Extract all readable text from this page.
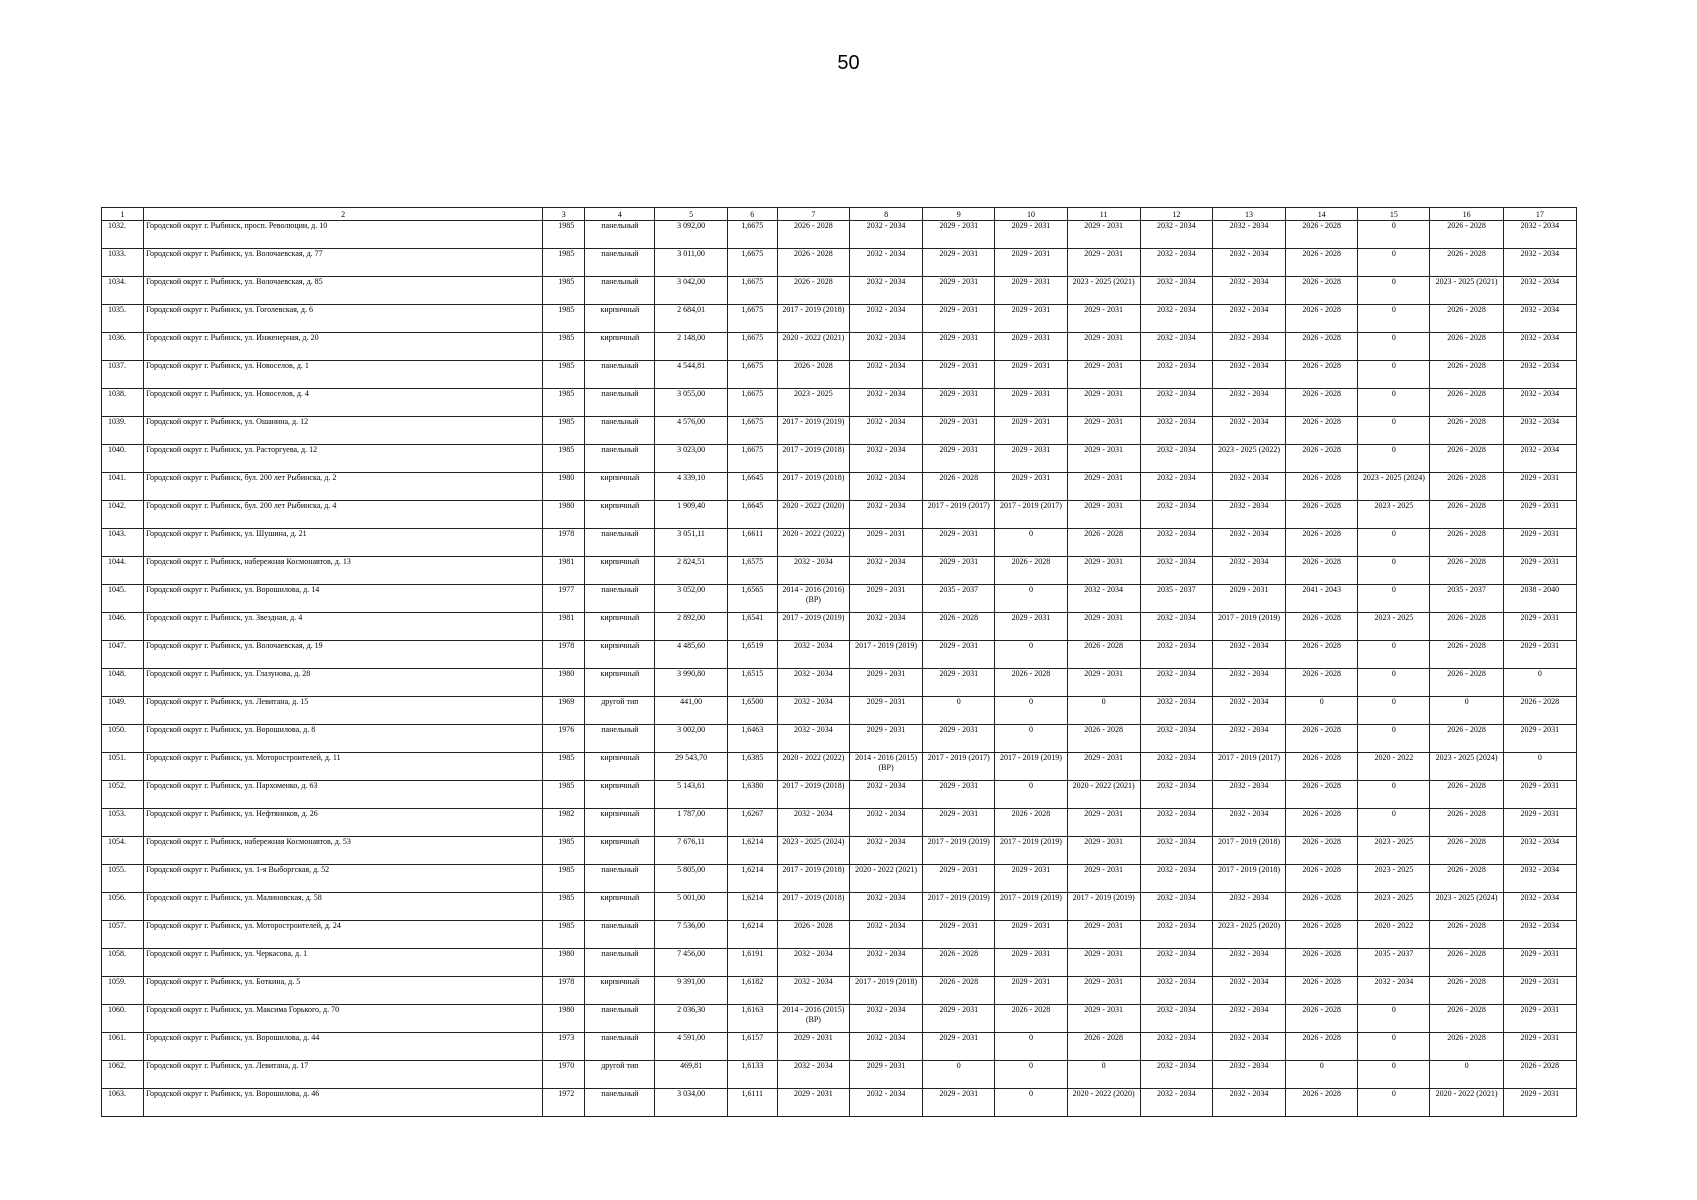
50
1	2	3	4	5	6	7	8	9	10	11	12	13	14	15	16	17
1032.	Городской округ г. Рыбинск, просп. Революции, д. 10	1985	панельный	3 092,00	1,6675	2026 - 2028	2032 - 2034	2029 - 2031	2029 - 2031	2029 - 2031	2032 - 2034	2032 - 2034	2026 - 2028	0	2026 - 2028	2032 - 2034
1033.	Городской округ г. Рыбинск, ул. Волочаевская, д. 77	1985	панельный	3 011,00	1,6675	2026 - 2028	2032 - 2034	2029 - 2031	2029 - 2031	2029 - 2031	2032 - 2034	2032 - 2034	2026 - 2028	0	2026 - 2028	2032 - 2034
1034.	Городской округ г. Рыбинск, ул. Волочаевская, д. 85	1985	панельный	3 042,00	1,6675	2026 - 2028	2032 - 2034	2029 - 2031	2029 - 2031	2023 - 2025 (2021)	2032 - 2034	2032 - 2034	2026 - 2028	0	2023 - 2025 (2021)	2032 - 2034
1035.	Городской округ г. Рыбинск, ул. Гоголевская, д. 6	1985	кирпичный	2 684,01	1,6675	2017 - 2019 (2018)	2032 - 2034	2029 - 2031	2029 - 2031	2029 - 2031	2032 - 2034	2032 - 2034	2026 - 2028	0	2026 - 2028	2032 - 2034
1036.	Городской округ г. Рыбинск, ул. Инженерная, д. 20	1985	кирпичный	2 148,00	1,6675	2020 - 2022 (2021)	2032 - 2034	2029 - 2031	2029 - 2031	2029 - 2031	2032 - 2034	2032 - 2034	2026 - 2028	0	2026 - 2028	2032 - 2034
1037.	Городской округ г. Рыбинск, ул. Новоселов, д. 1	1985	панельный	4 544,81	1,6675	2026 - 2028	2032 - 2034	2029 - 2031	2029 - 2031	2029 - 2031	2032 - 2034	2032 - 2034	2026 - 2028	0	2026 - 2028	2032 - 2034
1038.	Городской округ г. Рыбинск, ул. Новоселов, д. 4	1985	панельный	3 055,00	1,6675	2023 - 2025	2032 - 2034	2029 - 2031	2029 - 2031	2029 - 2031	2032 - 2034	2032 - 2034	2026 - 2028	0	2026 - 2028	2032 - 2034
1039.	Городской округ г. Рыбинск, ул. Ошанина, д. 12	1985	панельный	4 576,00	1,6675	2017 - 2019 (2019)	2032 - 2034	2029 - 2031	2029 - 2031	2029 - 2031	2032 - 2034	2032 - 2034	2026 - 2028	0	2026 - 2028	2032 - 2034
1040.	Городской округ г. Рыбинск, ул. Расторгуева, д. 12	1985	панельный	3 023,00	1,6675	2017 - 2019 (2018)	2032 - 2034	2029 - 2031	2029 - 2031	2029 - 2031	2032 - 2034	2023 - 2025 (2022)	2026 - 2028	0	2026 - 2028	2032 - 2034
1041.	Городской округ г. Рыбинск, бул. 200 лет Рыбинска, д. 2	1980	кирпичный	4 339,10	1,6645	2017 - 2019 (2018)	2032 - 2034	2026 - 2028	2029 - 2031	2029 - 2031	2032 - 2034	2032 - 2034	2026 - 2028	2023 - 2025 (2024)	2026 - 2028	2029 - 2031
1042.	Городской округ г. Рыбинск, бул. 200 лет Рыбинска, д. 4	1980	кирпичный	1 909,40	1,6645	2020 - 2022 (2020)	2032 - 2034	2017 - 2019 (2017)	2017 - 2019 (2017)	2029 - 2031	2032 - 2034	2032 - 2034	2026 - 2028	2023 - 2025	2026 - 2028	2029 - 2031
1043.	Городской округ г. Рыбинск, ул. Шушина, д. 21	1978	панельный	3 051,11	1,6611	2020 - 2022 (2022)	2029 - 2031	2029 - 2031	0	2026 - 2028	2032 - 2034	2032 - 2034	2026 - 2028	0	2026 - 2028	2029 - 2031
1044.	Городской округ г. Рыбинск, набережная Космонавтов, д. 13	1981	кирпичный	2 824,51	1,6575	2032 - 2034	2032 - 2034	2029 - 2031	2026 - 2028	2029 - 2031	2032 - 2034	2032 - 2034	2026 - 2028	0	2026 - 2028	2029 - 2031
1045.	Городской округ г. Рыбинск, ул. Ворошилова, д. 14	1977	панельный	3 052,00	1,6565	2014 - 2016 (2016) (ВР)	2029 - 2031	2035 - 2037	0	2032 - 2034	2035 - 2037	2029 - 2031	2041 - 2043	0	2035 - 2037	2038 - 2040
1046.	Городской округ г. Рыбинск, ул. Звездная, д. 4	1981	кирпичный	2 892,00	1,6541	2017 - 2019 (2019)	2032 - 2034	2026 - 2028	2029 - 2031	2029 - 2031	2032 - 2034	2017 - 2019 (2019)	2026 - 2028	2023 - 2025	2026 - 2028	2029 - 2031
1047.	Городской округ г. Рыбинск, ул. Волочаевская, д. 19	1978	кирпичный	4 485,60	1,6519	2032 - 2034	2017 - 2019 (2019)	2029 - 2031	0	2026 - 2028	2032 - 2034	2032 - 2034	2026 - 2028	0	2026 - 2028	2029 - 2031
1048.	Городской округ г. Рыбинск, ул. Глазунова, д. 28	1980	кирпичный	3 990,80	1,6515	2032 - 2034	2029 - 2031	2029 - 2031	2026 - 2028	2029 - 2031	2032 - 2034	2032 - 2034	2026 - 2028	0	2026 - 2028	0
1049.	Городской округ г. Рыбинск, ул. Левитана, д. 15	1969	другой тип	441,00	1,6500	2032 - 2034	2029 - 2031	0	0	0	2032 - 2034	2032 - 2034	0	0	0	2026 - 2028
1050.	Городской округ г. Рыбинск, ул. Ворошилова, д. 8	1976	панельный	3 002,00	1,6463	2032 - 2034	2029 - 2031	2029 - 2031	0	2026 - 2028	2032 - 2034	2032 - 2034	2026 - 2028	0	2026 - 2028	2029 - 2031
1051.	Городской округ г. Рыбинск, ул. Моторостроителей, д. 11	1985	кирпичный	29 543,70	1,6385	2020 - 2022 (2022)	2014 - 2016 (2015) (ВР)	2017 - 2019 (2017)	2017 - 2019 (2019)	2029 - 2031	2032 - 2034	2017 - 2019 (2017)	2026 - 2028	2020 - 2022	2023 - 2025 (2024)	0
1052.	Городской округ г. Рыбинск, ул. Пархоменко, д. 63	1985	кирпичный	5 143,61	1,6380	2017 - 2019 (2018)	2032 - 2034	2029 - 2031	0	2020 - 2022 (2021)	2032 - 2034	2032 - 2034	2026 - 2028	0	2026 - 2028	2029 - 2031
1053.	Городской округ г. Рыбинск, ул. Нефтяников, д. 26	1982	кирпичный	1 787,00	1,6267	2032 - 2034	2032 - 2034	2029 - 2031	2026 - 2028	2029 - 2031	2032 - 2034	2032 - 2034	2026 - 2028	0	2026 - 2028	2029 - 2031
1054.	Городской округ г. Рыбинск, набережная Космонавтов, д. 53	1985	кирпичный	7 676,11	1,6214	2023 - 2025 (2024)	2032 - 2034	2017 - 2019 (2019)	2017 - 2019 (2019)	2029 - 2031	2032 - 2034	2017 - 2019 (2018)	2026 - 2028	2023 - 2025	2026 - 2028	2032 - 2034
1055.	Городской округ г. Рыбинск, ул. 1-я Выборгская, д. 52	1985	панельный	5 805,00	1,6214	2017 - 2019 (2018)	2020 - 2022 (2021)	2029 - 2031	2029 - 2031	2029 - 2031	2032 - 2034	2017 - 2019 (2018)	2026 - 2028	2023 - 2025	2026 - 2028	2032 - 2034
1056.	Городской округ г. Рыбинск, ул. Малиновская, д. 58	1985	кирпичный	5 001,00	1,6214	2017 - 2019 (2018)	2032 - 2034	2017 - 2019 (2019)	2017 - 2019 (2019)	2017 - 2019 (2019)	2032 - 2034	2032 - 2034	2026 - 2028	2023 - 2025	2023 - 2025 (2024)	2032 - 2034
1057.	Городской округ г. Рыбинск, ул. Моторостроителей, д. 24	1985	панельный	7 536,00	1,6214	2026 - 2028	2032 - 2034	2029 - 2031	2029 - 2031	2029 - 2031	2032 - 2034	2023 - 2025 (2020)	2026 - 2028	2020 - 2022	2026 - 2028	2032 - 2034
1058.	Городской округ г. Рыбинск, ул. Черкасова, д. 1	1980	панельный	7 456,00	1,6191	2032 - 2034	2032 - 2034	2026 - 2028	2029 - 2031	2029 - 2031	2032 - 2034	2032 - 2034	2026 - 2028	2035 - 2037	2026 - 2028	2029 - 2031
1059.	Городской округ г. Рыбинск, ул. Боткина, д. 5	1978	кирпичный	9 391,00	1,6182	2032 - 2034	2017 - 2019 (2018)	2026 - 2028	2029 - 2031	2029 - 2031	2032 - 2034	2032 - 2034	2026 - 2028	2032 - 2034	2026 - 2028	2029 - 2031
1060.	Городской округ г. Рыбинск, ул. Максима Горького, д. 70	1980	панельный	2 036,30	1,6163	2014 - 2016 (2015) (ВР)	2032 - 2034	2029 - 2031	2026 - 2028	2029 - 2031	2032 - 2034	2032 - 2034	2026 - 2028	0	2026 - 2028	2029 - 2031
1061.	Городской округ г. Рыбинск, ул. Ворошилова, д. 44	1973	панельный	4 591,00	1,6157	2029 - 2031	2032 - 2034	2029 - 2031	0	2026 - 2028	2032 - 2034	2032 - 2034	2026 - 2028	0	2026 - 2028	2029 - 2031
1062.	Городской округ г. Рыбинск, ул. Левитана, д. 17	1970	другой тип	469,81	1,6133	2032 - 2034	2029 - 2031	0	0	0	2032 - 2034	2032 - 2034	0	0	0	2026 - 2028
1063.	Городской округ г. Рыбинск, ул. Ворошилова, д. 46	1972	панельный	3 034,00	1,6111	2029 - 2031	2032 - 2034	2029 - 2031	0	2020 - 2022 (2020)	2032 - 2034	2032 - 2034	2026 - 2028	0	2020 - 2022 (2021)	2029 - 2031
